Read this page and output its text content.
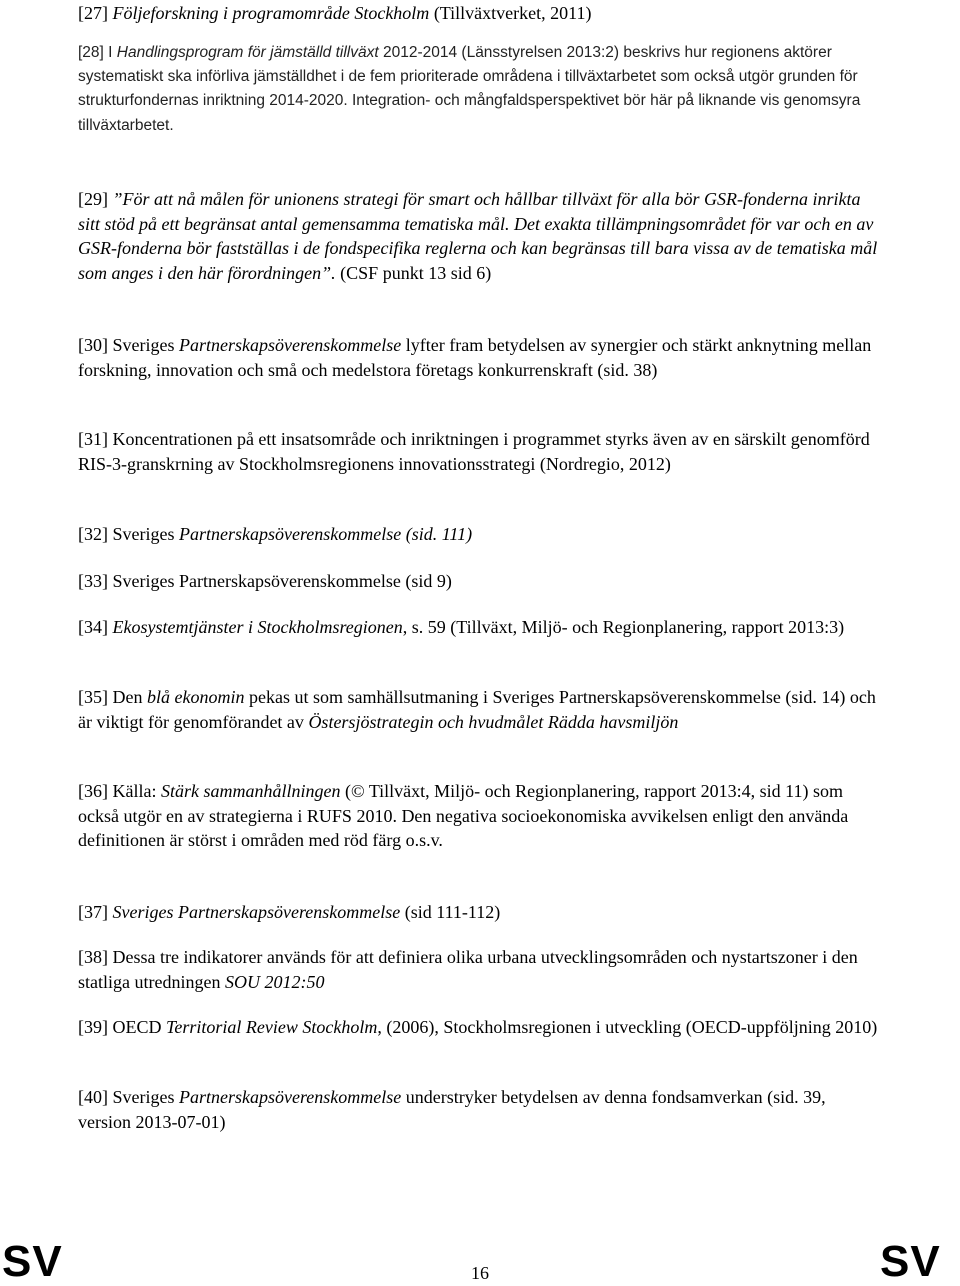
[27] Följeforskning i programområde Stockholm (Tillväxtverket, 2011)

[28] I Handlingsprogram för jämställd tillväxt 2012-2014 (Länsstyrelsen 2013:2) beskrivs hur regionens aktörer systematiskt ska införliva jämställdhet i de fem prioriterade områdena i tillväxtarbetet som också utgör grunden för strukturfondernas inriktning 2014-2020. Integration- och mångfaldsperspektivet bör här på liknande vis genomsyra tillväxtarbetet.

[29] ”För att nå målen för unionens strategi för smart och hållbar tillväxt för alla bör GSR-fonderna inrikta sitt stöd på ett begränsat antal gemensamma tematiska mål. Det exakta tillämpningsområdet för var och en av GSR-fonderna bör fastställas i de fondspecifika reglerna och kan begränsas till bara vissa av de tematiska mål som anges i den här förordningen”. (CSF punkt 13 sid 6)

[30] Sveriges Partnerskapsöverenskommelse lyfter fram betydelsen av synergier och stärkt anknytning mellan forskning, innovation och små och medelstora företags konkurrenskraft (sid. 38)

[31] Koncentrationen på ett insatsområde och inriktningen i programmet styrks även av en särskilt genomförd RIS-3-granskrning av Stockholmsregionens innovationsstrategi (Nordregio, 2012)

[32] Sveriges Partnerskapsöverenskommelse (sid. 111)

[33] Sveriges Partnerskapsöverenskommelse (sid 9)

[34] Ekosystemtjänster i Stockholmsregionen, s. 59 (Tillväxt, Miljö- och Regionplanering, rapport 2013:3)

[35] Den blå ekonomin pekas ut som samhällsutmaning i Sveriges Partnerskapsöverenskommelse (sid. 14) och är viktigt för genomförandet av Östersjöstrategin och hvudmålet Rädda havsmiljön

[36] Källa: Stärk sammanhållningen (© Tillväxt, Miljö- och Regionplanering, rapport 2013:4, sid 11) som också utgör en av strategierna i RUFS 2010. Den negativa socioekonomiska avvikelsen enligt den använda definitionen är störst i områden med röd färg o.s.v.

[37] Sveriges Partnerskapsöverenskommelse (sid 111-112)

[38] Dessa tre indikatorer används för att definiera olika urbana utvecklingsområden och nystartszoner i den statliga utredningen SOU 2012:50

[39] OECD Territorial Review Stockholm, (2006), Stockholmsregionen i utveckling (OECD-uppföljning 2010)

[40] Sveriges Partnerskapsöverenskommelse understryker betydelsen av denna fondsamverkan (sid. 39, version 2013-07-01)

SV	SV
16
